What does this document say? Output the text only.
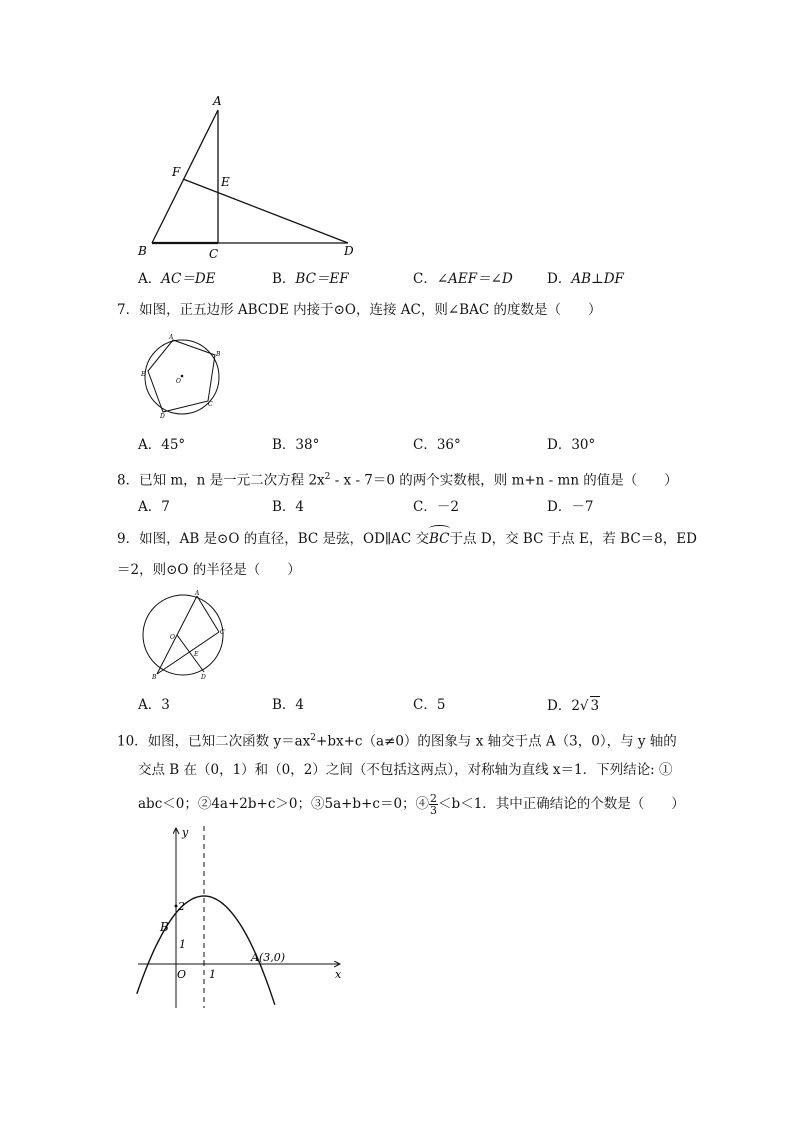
A
F
E
B	C	D
A．AC＝DE	B．BC＝EF	C．∠AEF＝∠D	D．AB⊥DF
7．如图，正五边形 ABCDE 内接于⊙O，连接 AC，则∠BAC 的度数是（　　）
A
B
C
D
E
O
A．45°	B．38°	C．36°	D．30°
8．已知 m，n 是一元二次方程 $2x^2 - x - 7=0$ 的两个实数根，则 m+n - mn 的值是（　　）
A．7	B．4	C．－2	D．－7
9．如图，AB 是⊙O 的直径，BC 是弦，OD∥AC 交BC于点 D，交 BC 于点 E，若 BC＝8，ED
＝2，则⊙O 的半径是（　　）
A
C
O
E
D
B
A．3	B．4	C．5	D．2√ 3
10．如图，已知二次函数 $y=ax^2+bx+c(a\ne 0)$的图象与 x 轴交于点 A（3，0），与 y 轴的
交点 B 在（0，1）和（0，2）之间（不包括这两点），对称轴为直线 x＝1．下列结论: ①
abc＜0；②4a+2b+c＞0；③5a+b+c＝0；④ $\frac{2}{3} <b<1$．其中正确结论的个数是（　　）
y
x
2
1
B
O 1
A(3,0)
